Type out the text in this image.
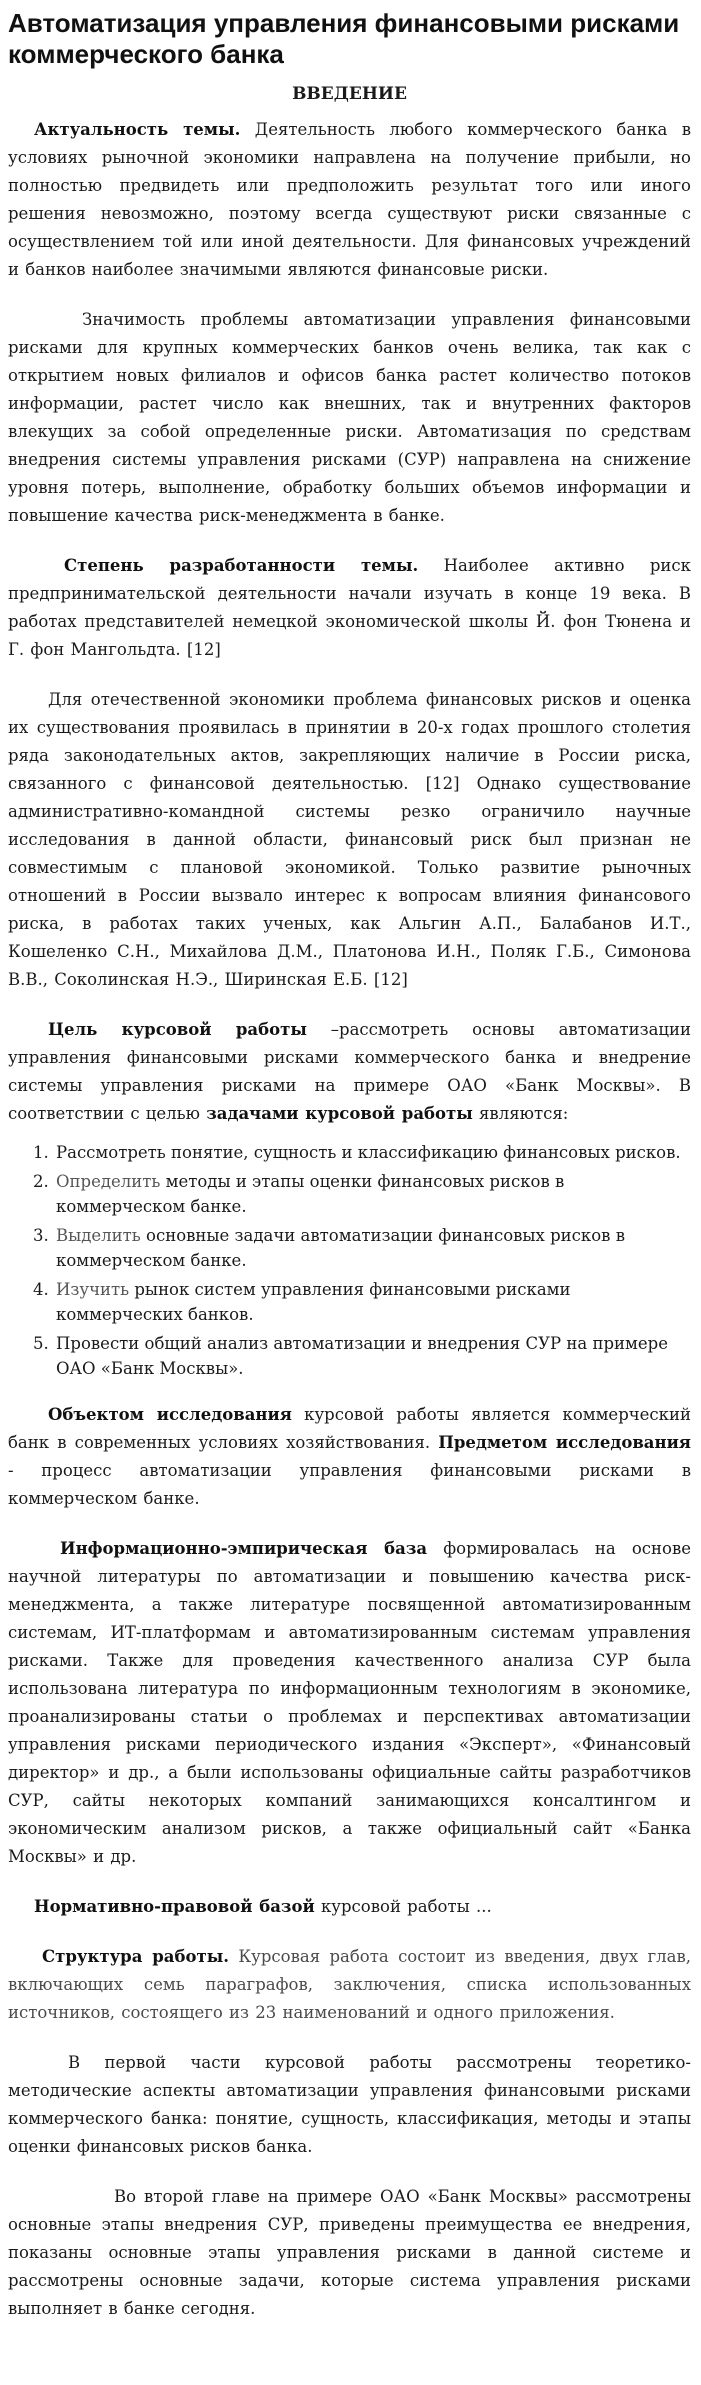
Автоматизация управления финансовыми рисками коммерческого банка
ВВЕДЕНИЕ

Актуальность темы. Деятельность любого коммерческого банка в условиях рыночной экономики направлена на получение прибыли, но полностью предвидеть или предположить результат того или иного решения невозможно, поэтому всегда существуют риски связанные с осуществлением той или иной деятельности. Для финансовых учреждений и банков наиболее значимыми являются финансовые риски.

Значимость проблемы автоматизации управления финансовыми рисками для крупных коммерческих банков очень велика, так как с открытием новых филиалов и офисов банка растет количество потоков информации, растет число как внешних, так и внутренних факторов влекущих за собой определенные риски. Автоматизация по средствам внедрения системы управления рисками (СУР) направлена на снижение уровня потерь, выполнение, обработку больших объемов информации и повышение качества риск-менеджмента в банке.

Степень разработанности темы. Наиболее активно риск предпринимательской деятельности начали изучать в конце 19 века. В работах представителей немецкой экономической школы Й. фон Тюнена и Г. фон Мангольдта. [12]

Для отечественной экономики проблема финансовых рисков и оценка их существования проявилась в принятии в 20-х годах прошлого столетия ряда законодательных актов, закрепляющих наличие в России риска, связанного с финансовой деятельностью. [12] Однако существование административно-командной системы резко ограничило научные исследования в данной области, финансовый риск был признан не совместимым с плановой экономикой. Только развитие рыночных отношений в России вызвало интерес к вопросам влияния финансового риска, в работах таких ученых, как Альгин А.П., Балабанов И.Т., Кошеленко С.Н., Михайлова Д.М., Платонова И.Н., Поляк Г.Б., Симонова В.В., Соколинская Н.Э., Ширинская Е.Б. [12]

Цель курсовой работы –рассмотреть основы автоматизации управления финансовыми рисками коммерческого банка и внедрение системы управления рисками на примере ОАО «Банк Москвы». В соответствии с целью задачами курсовой работы являются:

1. Рассмотреть понятие, сущность и классификацию финансовых рисков.
2. Определить методы и этапы оценки финансовых рисков в коммерческом банке.
3. Выделить основные задачи автоматизации финансовых рисков в коммерческом банке.
4. Изучить рынок систем управления финансовыми рисками коммерческих банков.
5. Провести общий анализ автоматизации и внедрения СУР на примере ОАО «Банк Москвы».

Объектом исследования курсовой работы является коммерческий банк в современных условиях хозяйствования. Предметом исследования - процесс автоматизации управления финансовыми рисками в коммерческом банке.

Информационно-эмпирическая база формировалась на основе научной литературы по автоматизации и повышению качества риск-менеджмента, а также литературе посвященной автоматизированным системам, ИТ-платформам и автоматизированным системам управления рисками. Также для проведения качественного анализа СУР была использована литература по информационным технологиям в экономике, проанализированы статьи о проблемах и перспективах автоматизации управления рисками периодического издания «Эксперт», «Финансовый директор» и др., а были использованы официальные сайты разработчиков СУР, сайты некоторых компаний занимающихся консалтингом и экономическим анализом рисков, а также официальный сайт «Банка Москвы» и др.

Нормативно-правовой базой курсовой работы ...

Структура работы. Курсовая работа состоит из введения, двух глав, включающих семь параграфов, заключения, списка использованных источников, состоящего из 23 наименований и одного приложения.

В первой части курсовой работы рассмотрены теоретико-методические аспекты автоматизации управления финансовыми рисками коммерческого банка: понятие, сущность, классификация, методы и этапы оценки финансовых рисков банка.

Во второй главе на примере ОАО «Банк Москвы» рассмотрены основные этапы внедрения СУР, приведены преимущества ее внедрения, показаны основные этапы управления рисками в данной системе и рассмотрены основные задачи, которые система управления рисками выполняет в банке сегодня.
